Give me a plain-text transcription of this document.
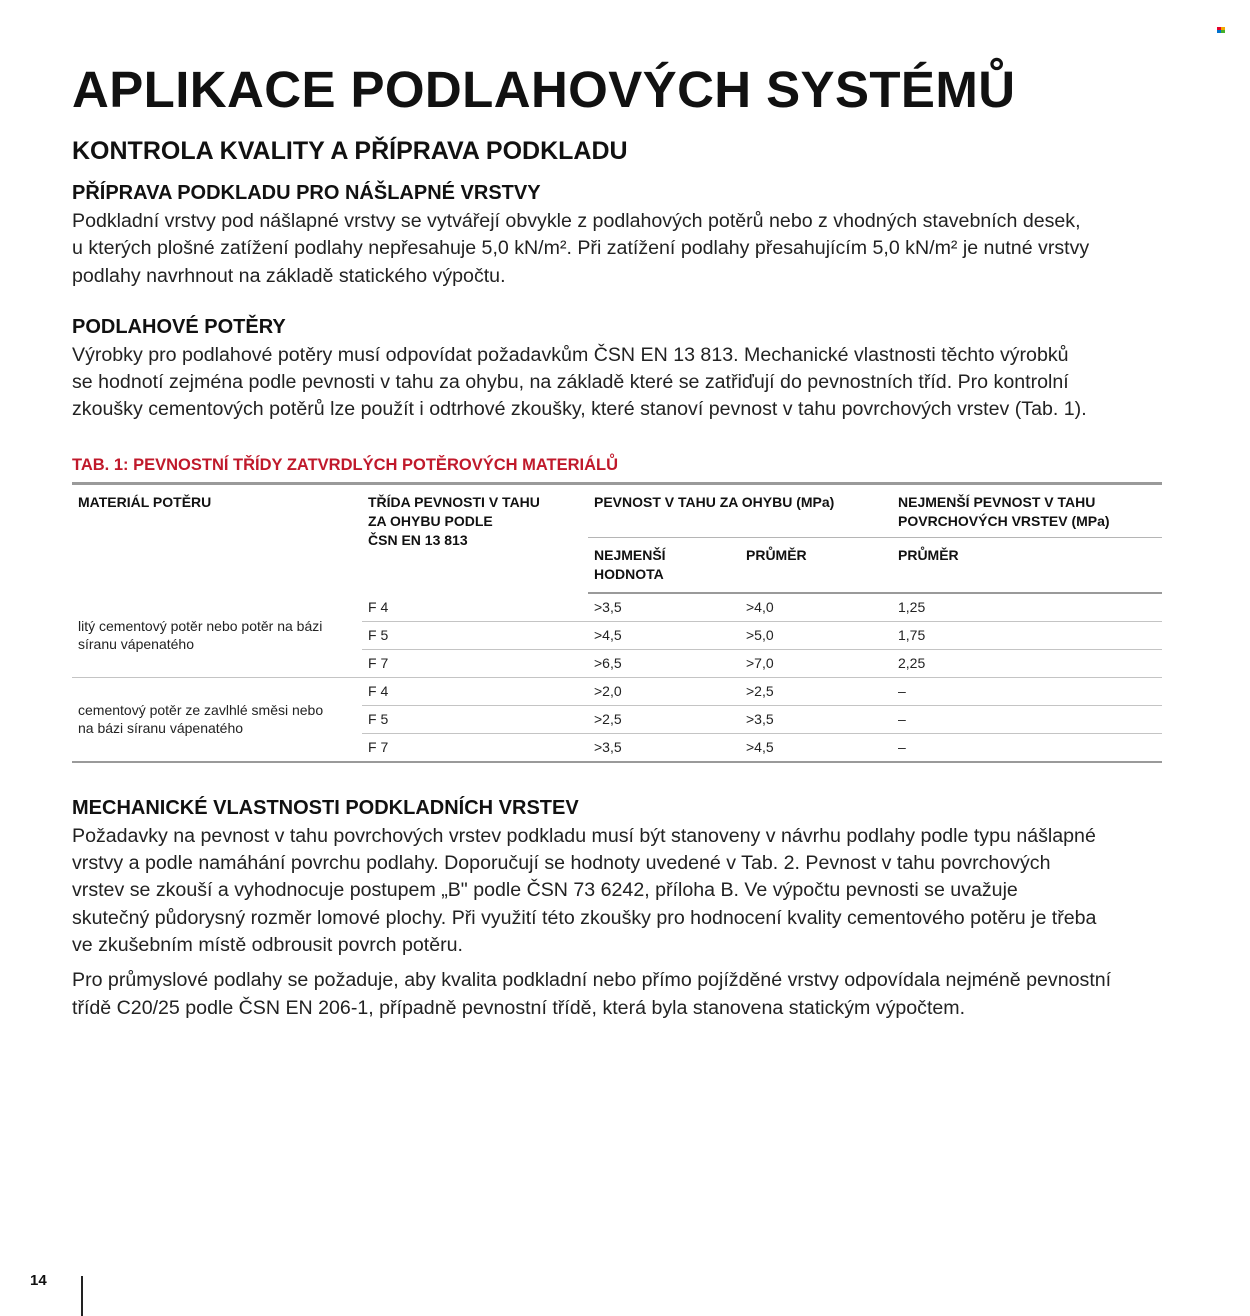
APLIKACE PODLAHOVÝCH SYSTÉMŮ
KONTROLA KVALITY A PŘÍPRAVA PODKLADU
PŘÍPRAVA PODKLADU PRO NÁŠLAPNÉ VRSTVY

Podkladní vrstvy pod nášlapné vrstvy se vytvářejí obvykle z podlahových potěrů nebo z vhodných stavebních desek,
u kterých plošné zatížení podlahy nepřesahuje 5,0 kN/m². Při zatížení podlahy přesahujícím 5,0 kN/m² je nutné vrstvy
podlahy navrhnout na základě statického výpočtu.

PODLAHOVÉ POTĚRY

Výrobky pro podlahové potěry musí odpovídat požadavkům ČSN EN 13 813. Mechanické vlastnosti těchto výrobků
se hodnotí zejména podle pevnosti v tahu za ohybu, na základě které se zatřiďují do pevnostních tříd. Pro kontrolní
zkoušky cementových potěrů lze použít i odtrhové zkoušky, které stanoví pevnost v tahu povrchových vrstev (Tab. 1).

TAB. 1: PEVNOSTNÍ TŘÍDY ZATVRDLÝCH POTĚROVÝCH MATERIÁLŮ
MATERIÁL POTĚRU	TŘÍDA PEVNOSTI V TAHU
ZA OHYBU PODLE
ČSN EN 13 813	PEVNOST V TAHU ZA OHYBU (MPa)		NEJMENŠÍ PEVNOST V TAHU
POVRCHOVÝCH VRSTEV (MPa)
		NEJMENŠÍ
HODNOTA	PRŮMĚR	PRŮMĚR
litý cementový potěr nebo potěr na bázi
síranu vápenatého	F 4	>3,5	>4,0	1,25
	F 5	>4,5	>5,0	1,75
	F 7	>6,5	>7,0	2,25
cementový potěr ze zavlhlé směsi nebo
na bázi síranu vápenatého	F 4	>2,0	>2,5	–
	F 5	>2,5	>3,5	–
	F 7	>3,5	>4,5	–
MECHANICKÉ VLASTNOSTI PODKLADNÍCH VRSTEV

Požadavky na pevnost v tahu povrchových vrstev podkladu musí být stanoveny v návrhu podlahy podle typu nášlapné
vrstvy a podle namáhání povrchu podlahy. Doporučují se hodnoty uvedené v Tab. 2. Pevnost v tahu povrchových
vrstev se zkouší a vyhodnocuje postupem „B" podle ČSN 73 6242, příloha B. Ve výpočtu pevnosti se uvažuje
skutečný půdorysný rozměr lomové plochy. Při využití této zkoušky pro hodnocení kvality cementového potěru je třeba
ve zkušebním místě odbrousit povrch potěru.

Pro průmyslové podlahy se požaduje, aby kvalita podkladní nebo přímo pojížděné vrstvy odpovídala nejméně pevnostní
třídě C20/25 podle ČSN EN 206-1, případně pevnostní třídě, která byla stanovena statickým výpočtem.

14
